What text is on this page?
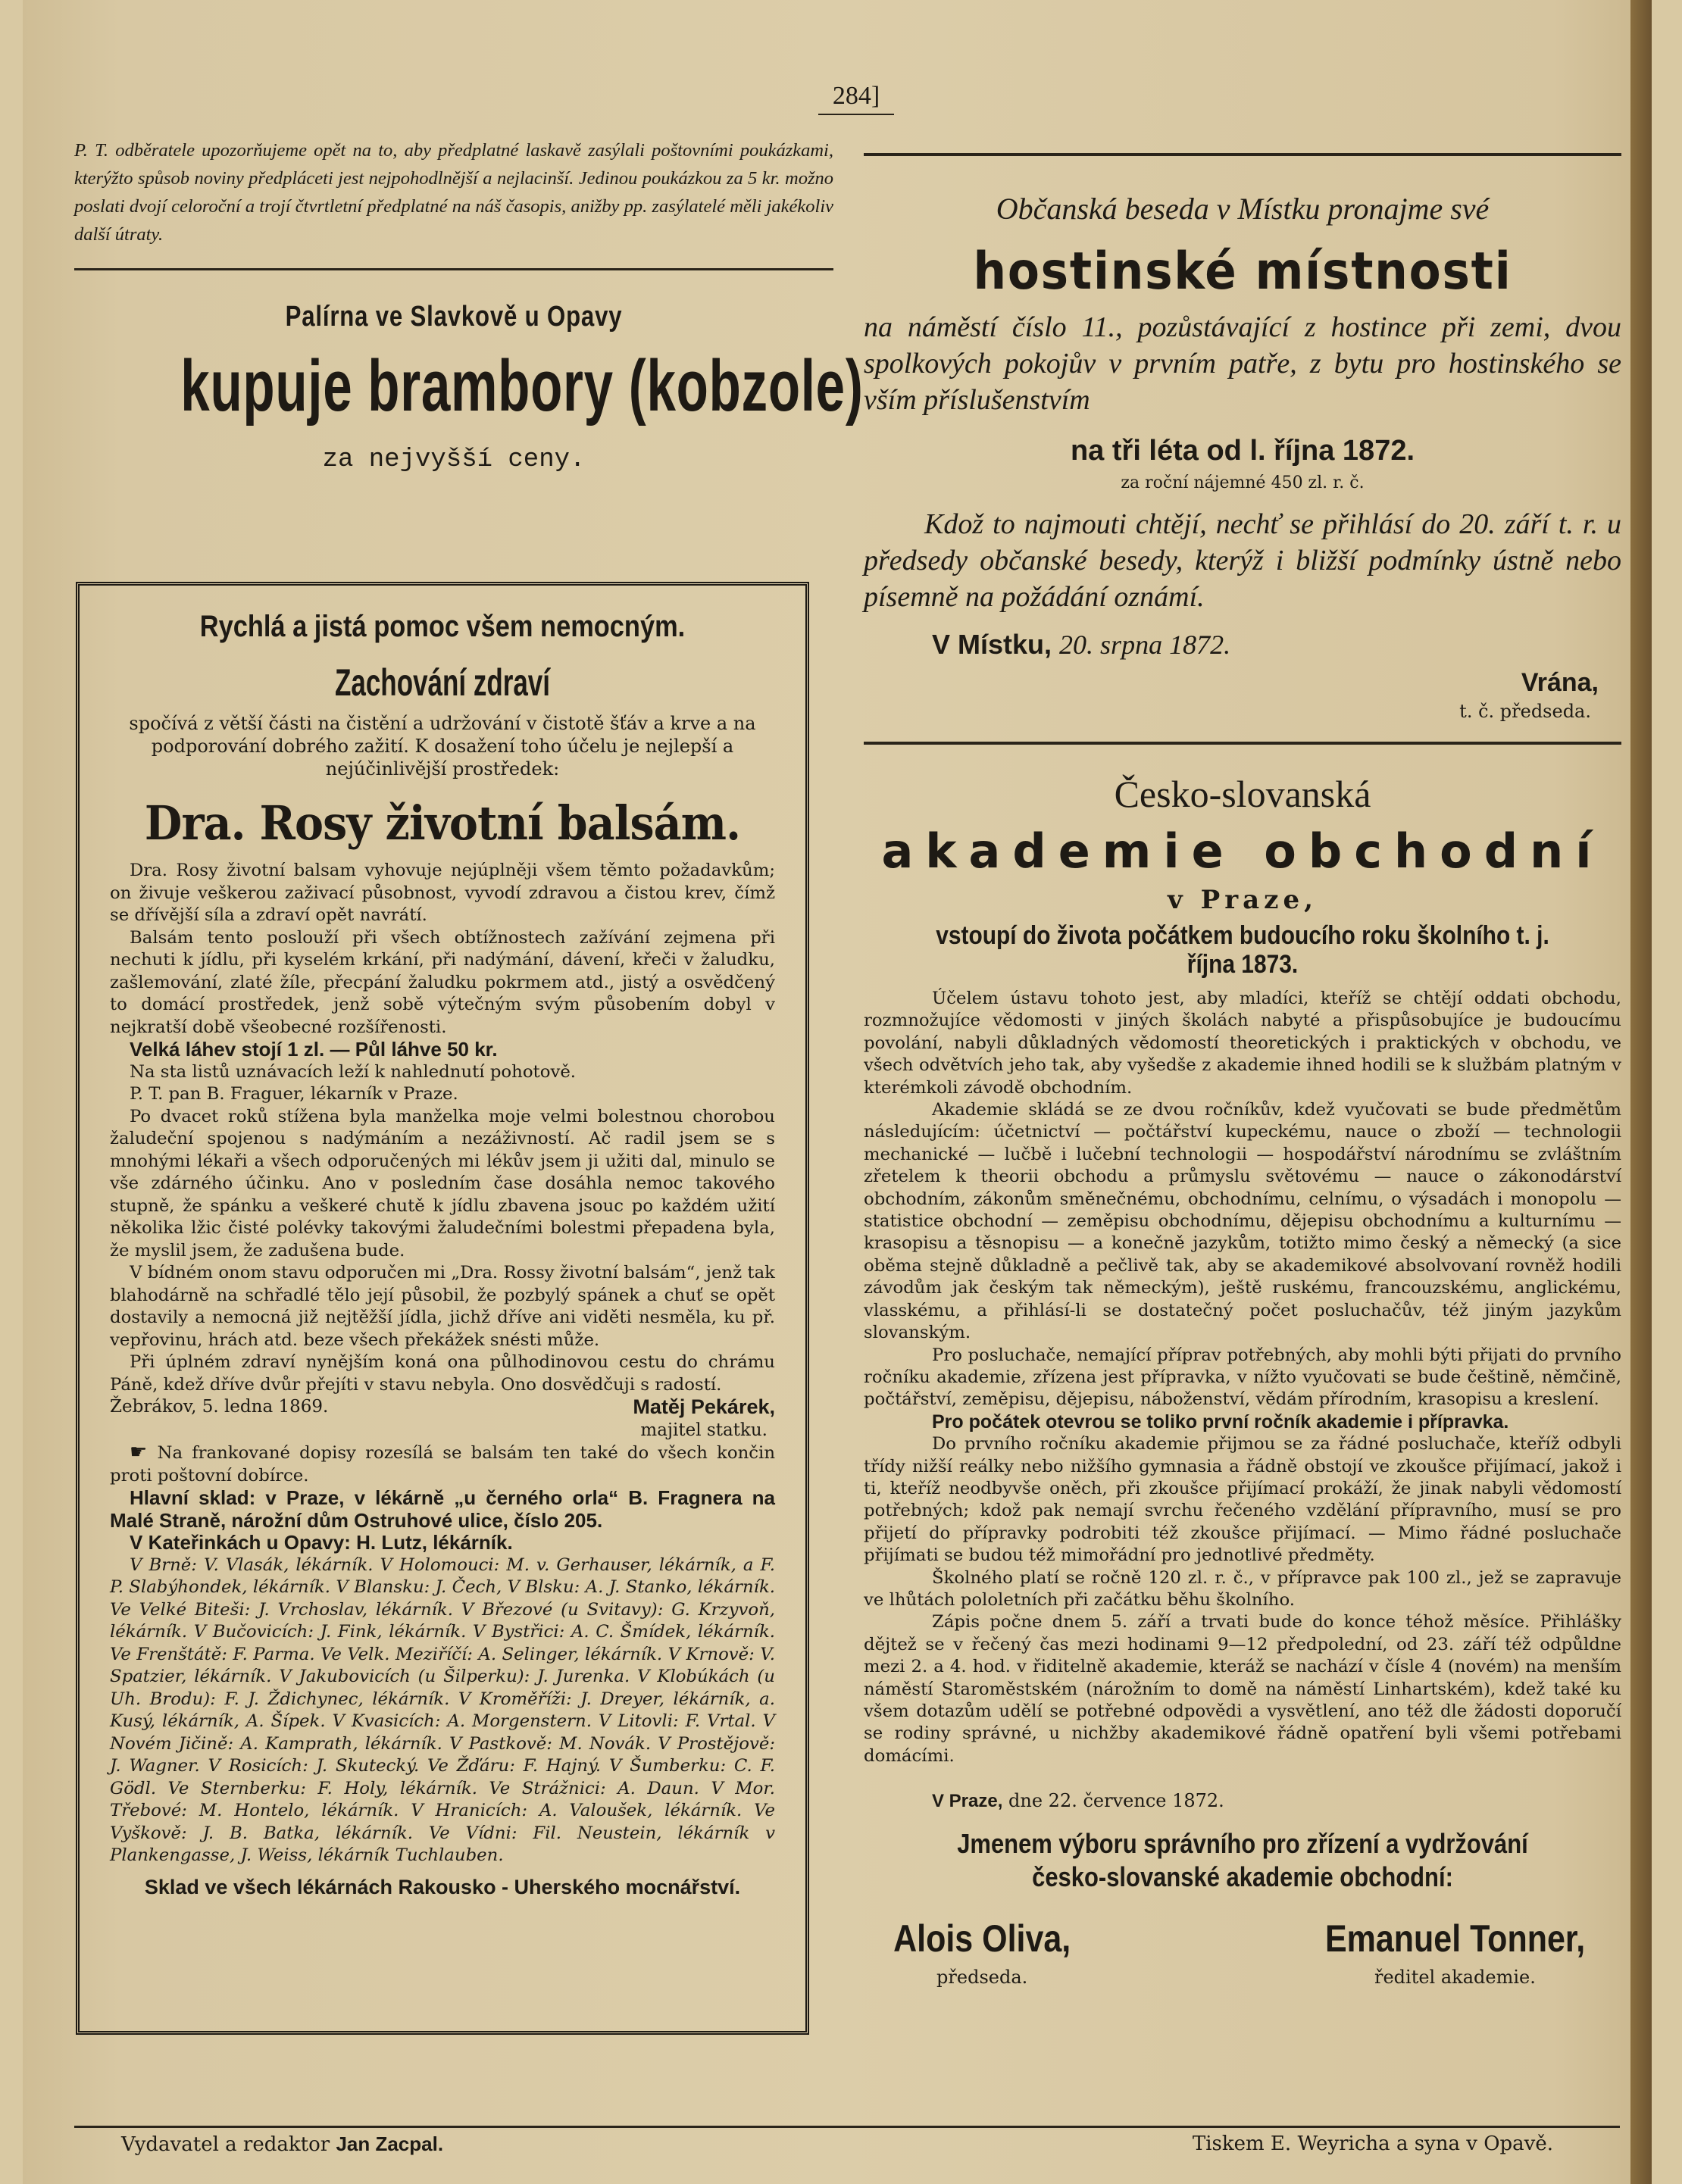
284]

P. T. odběratele upozorňujeme opět na to, aby předplatné laskavě zasýlali poštovními poukázkami, kterýžto spůsob noviny předpláceti jest nejpohodlnější a nejlacinší. Jedinou poukázkou za 5 kr. možno poslati dvojí celoroční a trojí čtvrtletní předplatné na náš časopis, anižby pp. zasýlatelé měli jakékoliv další útraty.

Palírna ve Slavkově u Opavy
kupuje brambory (kobzole)
za nejvyšší ceny.
Rychlá a jistá pomoc všem nemocným.
Zachování zdraví
spočívá z větší části na čistění a udržování v čistotě šťáv a krve a na podporování dobrého zažití. K dosažení toho účelu je nejlepší a nejúčinlivější prostředek:
Dra. Rosy životní balsám.

Dra. Rosy životní balsam vyhovuje nejúplněji všem těmto požadavkům; on živuje veškerou zaživací působnost, vyvodí zdravou a čistou krev, čímž se dřívější síla a zdraví opět navrátí.

Balsám tento poslouží při všech obtížnostech zažívání zejmena při nechuti k jídlu, při kyselém krkání, při nadýmání, dávení, křeči v žaludku, zašlemování, zlaté žíle, přecpání žaludku pokrmem atd., jistý a osvědčený to domácí prostředek, jenž sobě výtečným svým působením dobyl v nejkratší době všeobecné rozšířenosti.

Velká láhev stojí 1 zl. — Půl láhve 50 kr.

Na sta listů uznávacích leží k nahlednutí pohotově.

P. T. pan B. Fraguer, lékarník v Praze.

Po dvacet roků stížena byla manželka moje velmi bolestnou chorobou žaludeční spojenou s nadýmáním a nezáživností. Ač radil jsem se s mnohými lékaři a všech odporučených mi lékův jsem ji užiti dal, minulo se vše zdárného účinku. Ano v posledním čase dosáhla nemoc takového stupně, že spánku a veškeré chutě k jídlu zbavena jsouc po každém užití několika lžic čisté polévky takovými žaludečními bolestmi přepadena byla, že myslil jsem, že zadušena bude.

V bídném onom stavu odporučen mi „Dra. Rossy životní balsám“, jenž tak blahodárně na schřadlé tělo její působil, že pozbylý spánek a chuť se opět dostavily a nemocná již nejtěžší jídla, jichž dříve ani viděti nesměla, ku př. vepřovinu, hrách atd. beze všech překážek snésti může.

Při úplném zdraví nynějším koná ona půlhodinovou cestu do chrámu Páně, kdež dříve dvůr přejíti v stavu nebyla. Ono dosvědčuji s radostí.

Žebrákov, 5. ledna 1869.	Matěj Pekárek,
majitel statku.

☛ Na frankované dopisy rozesílá se balsám ten také do všech končin proti poštovní dobírce.

Hlavní sklad: v Praze, v lékárně „u černého orla“ B. Fragnera na Malé Straně, nárožní dům Ostruhové ulice, číslo 205.

V Kateřinkách u Opavy: H. Lutz, lékárník.

V Brně: V. Vlasák, lékárník. V Holomouci: M. v. Gerhauser, lékárník, a F. P. Slabýhondek, lékárník. V Blansku: J. Čech, V Blsku: A. J. Stanko, lékárník. Ve Velké Biteši: J. Vrchoslav, lékárník. V Březové (u Svitavy): G. Krzyvoň, lékárník. V Bučovicích: J. Fink, lékárník. V Bystřici: A. C. Šmídek, lékárník. Ve Frenštátě: F. Parma. Ve Velk. Meziříčí: A. Selinger, lékárník. V Krnově: V. Spatzier, lékárník. V Jakubovicích (u Šilperku): J. Jurenka. V Klobúkách (u Uh. Brodu): F. J. Ždichynec, lékárník. V Kroměříži: J. Dreyer, lékárník, a. Kusý, lékárník, A. Šípek. V Kvasicích: A. Morgenstern. V Litovli: F. Vrtal. V Novém Jičině: A. Kamprath, lékárník. V Pastkově: M. Novák. V Prostějově: J. Wagner. V Rosicích: J. Skutecký. Ve Žďáru: F. Hajný. V Šumberku: C. F. Gödl. Ve Sternberku: F. Holy, lékárník. Ve Strážnici: A. Daun. V Mor. Třebové: M. Hontelo, lékárník. V Hranicích: A. Valoušek, lékárník. Ve Vyškově: J. B. Batka, lékárník. Ve Vídni: Fil. Neustein, lékárník v Plankengasse, J. Weiss, lékárník Tuchlauben.

Sklad ve všech lékárnách Rakousko - Uherského mocnářství.
Občanská beseda v Místku pronajme své
hostinské místnosti
na náměstí číslo 11., pozůstávající z hostince při zemi, dvou spolkových pokojův v prvním patře, z bytu pro hostinského se vším příslušenstvím
na tři léta od l. října 1872.
za roční nájemné 450 zl. r. č.
Kdož to najmouti chtějí, nechť se přihlásí do 20. září t. r. u předsedy občanské besedy, kterýž i bližší podmínky ústně nebo písemně na požádání oznámí.
V Místku, 20. srpna 1872.
Vrána,
t. č. předseda.
Česko-slovanská
akademie obchodní
v Praze,
vstoupí do života počátkem budoucího roku školního t. j. října 1873.

Účelem ústavu tohoto jest, aby mladíci, kteříž se chtějí oddati obchodu, rozmnožujíce vědomosti v jiných školách nabyté a přispůsobujíce je budoucímu povolání, nabyli důkladných vědomostí theoretických i praktických v obchodu, ve všech odvětvích jeho tak, aby vyšedše z akademie ihned hodili se k službám platným v kterémkoli závodě obchodním.

Akademie skládá se ze dvou ročníkův, kdež vyučovati se bude předmětům následujícím: účetnictví — počtářství kupeckému, nauce o zboží — technologii mechanické — lučbě i lučební technologii — hospodářství národnímu se zvláštním zřetelem k theorii obchodu a průmyslu světovému — nauce o zákonodárství obchodním, zákonům směnečnému, obchodnímu, celnímu, o výsadách i monopolu — statistice obchodní — zeměpisu obchodnímu, dějepisu obchodnímu a kulturnímu — krasopisu a těsnopisu — a konečně jazykům, totižto mimo český a německý (a sice oběma stejně důkladně a pečlivě tak, aby se akademikové absolvovaní rovněž hodili závodům jak českým tak německým), ještě ruskému, francouzskému, anglickému, vlasskému, a přihlásí-li se dostatečný počet posluchačův, též jiným jazykům slovanským.

Pro posluchače, nemající příprav potřebných, aby mohli býti přijati do prvního ročníku akademie, zřízena jest přípravka, v nížto vyučovati se bude češtině, němčině, počtářství, zeměpisu, dějepisu, náboženství, vědám přírodním, krasopisu a kreslení.

Pro počátek otevrou se toliko první ročník akademie i přípravka.

Do prvního ročníku akademie přijmou se za řádné posluchače, kteříž odbyli třídy nižší reálky nebo nižšího gymnasia a řádně obstojí ve zkoušce přijímací, jakož i ti, kteříž neodbyvše oněch, při zkoušce přijímací prokáží, že jinak nabyli vědomostí potřebných; kdož pak nemají svrchu řečeného vzdělání přípravního, musí se pro přijetí do přípravky podrobiti též zkoušce přijímací. — Mimo řádné posluchače přijímati se budou též mimořádní pro jednotlivé předměty.

Školného platí se ročně 120 zl. r. č., v přípravce pak 100 zl., jež se zapravuje ve lhůtách pololetních při začátku běhu školního.

Zápis počne dnem 5. září a trvati bude do konce téhož měsíce. Přihlášky dějtež se v řečený čas mezi hodinami 9—12 předpolední, od 23. září též odpůldne mezi 2. a 4. hod. v řiditelně akademie, kteráž se nachází v čísle 4 (novém) na menším náměstí Staroměstském (nárožním to domě na náměstí Linhartském), kdež také ku všem dotazům udělí se potřebné odpovědi a vysvětlení, ano též dle žádosti doporučí se rodiny správné, u nichžby akademikové řádně opatření byli všemi potřebami domácími.

V Praze, dne 22. července 1872.
Jmenem výboru správního pro zřízení a vydržování česko-slovanské akademie obchodní:
Alois Oliva,
předseda.
Emanuel Tonner,
ředitel akademie.
Vydavatel a redaktor Jan Zacpal.	Tiskem E. Weyricha a syna v Opavě.
